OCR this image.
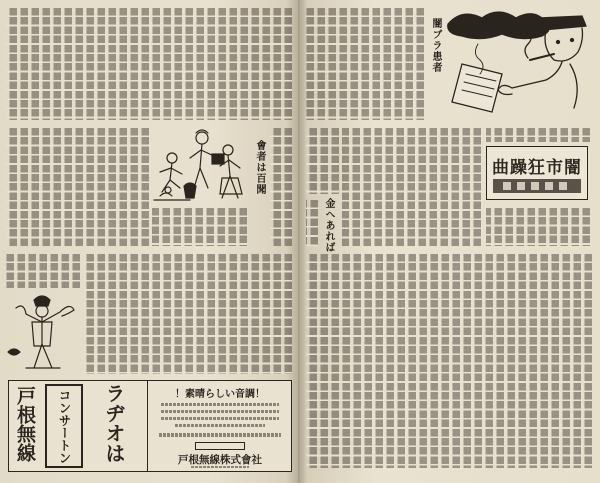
會者は百聞
戸根無線 コンサートン ラヂオは	！素晴らしい音調！
戸根無線株式會社
闇ブラ患者
金へあれば
闇市狂躁曲
